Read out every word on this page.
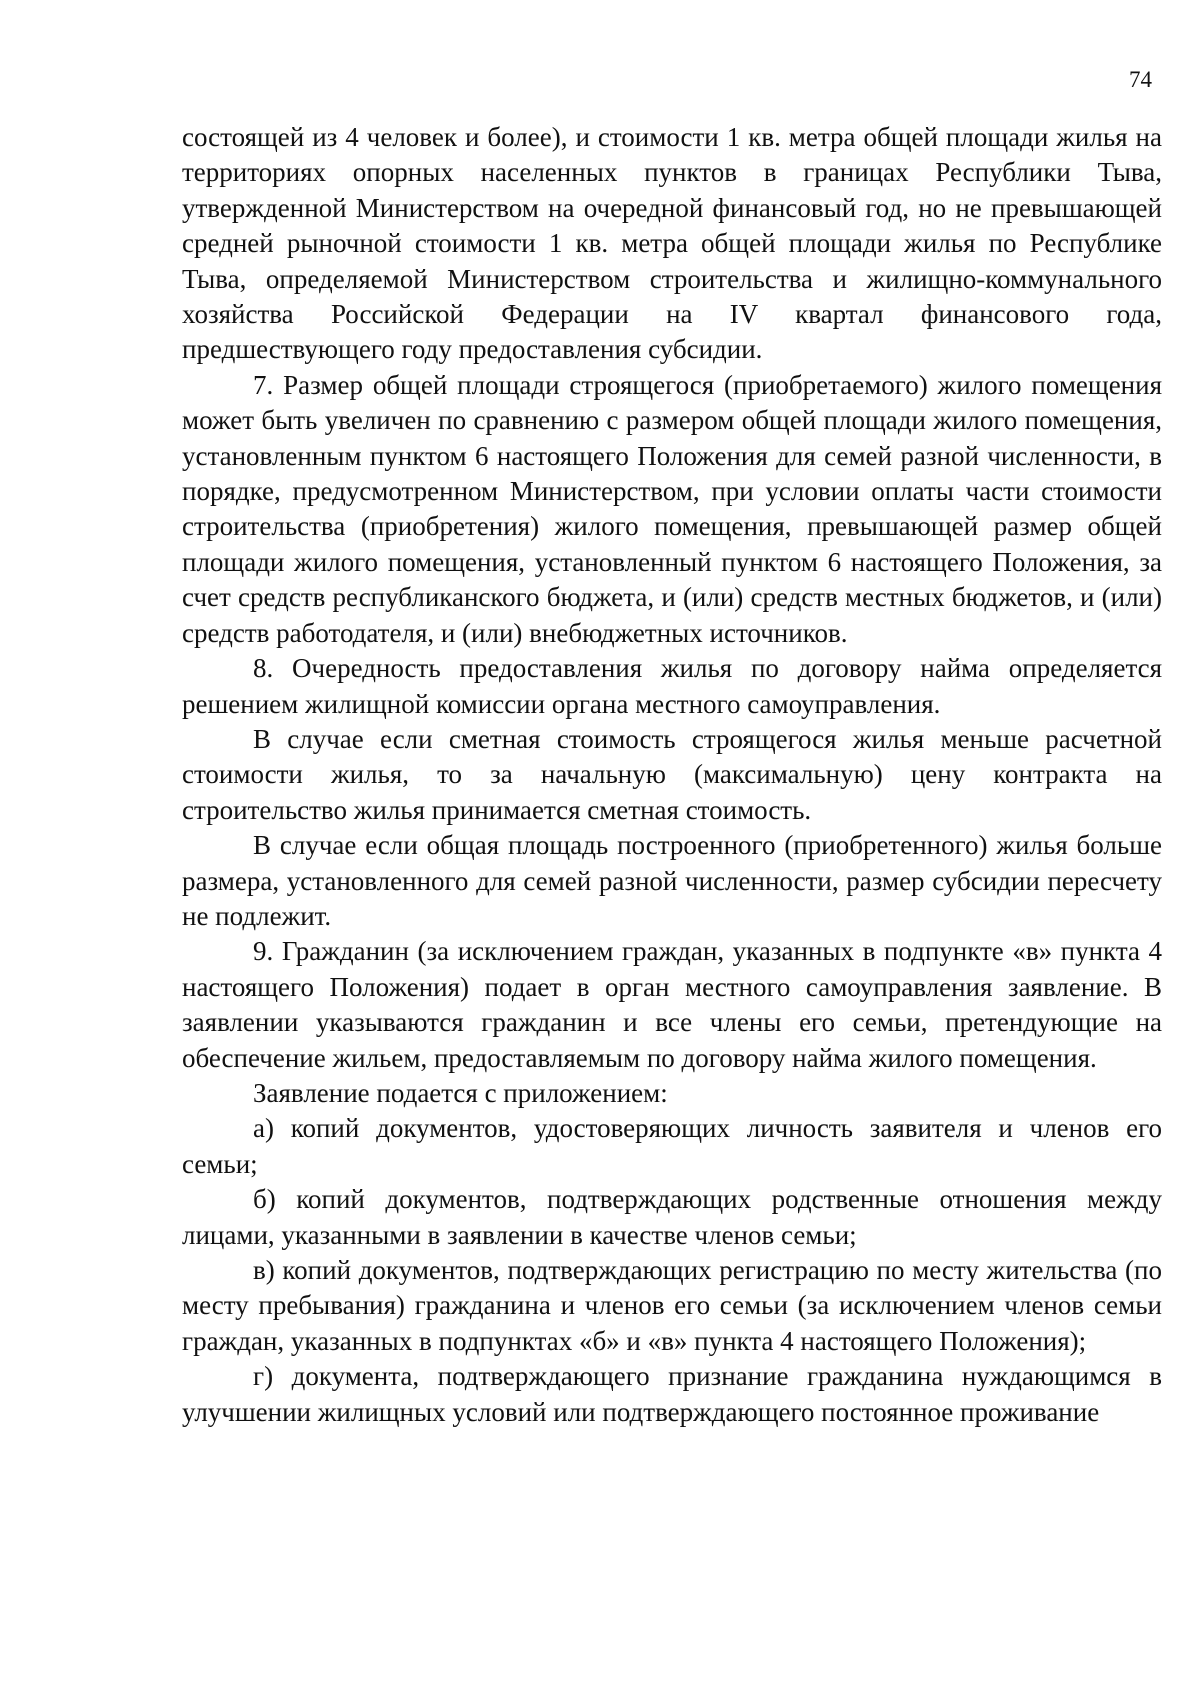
74

состоящей из 4 человек и более), и стоимости 1 кв. метра общей площади жилья на территориях опорных населенных пунктов в границах Республики Тыва, утвержденной Министерством на очередной финансовый год, но не превышающей средней рыночной стоимости 1 кв. метра общей площади жилья по Республике Тыва, определяемой Министерством строительства и жилищно-коммунального хозяйства Российской Федерации на IV квартал финансового года, предшествующего году предоставления субсидии.

7. Размер общей площади строящегося (приобретаемого) жилого помещения может быть увеличен по сравнению с размером общей площади жилого помещения, установленным пунктом 6 настоящего Положения для семей разной численности, в порядке, предусмотренном Министерством, при условии оплаты части стоимости строительства (приобретения) жилого помещения, превышающей размер общей площади жилого помещения, установленный пунктом 6 настоящего Положения, за счет средств республиканского бюджета, и (или) средств местных бюджетов, и (или) средств работодателя, и (или) внебюджетных источников.

8. Очередность предоставления жилья по договору найма определяется решением жилищной комиссии органа местного самоуправления.

В случае если сметная стоимость строящегося жилья меньше расчетной стоимости жилья, то за начальную (максимальную) цену контракта на строительство жилья принимается сметная стоимость.

В случае если общая площадь построенного (приобретенного) жилья больше размера, установленного для семей разной численности, размер субсидии пересчету не подлежит.

9. Гражданин (за исключением граждан, указанных в подпункте «в» пункта 4 настоящего Положения) подает в орган местного самоуправления заявление. В заявлении указываются гражданин и все члены его семьи, претендующие на обеспечение жильем, предоставляемым по договору найма жилого помещения.

Заявление подается с приложением:

а) копий документов, удостоверяющих личность заявителя и членов его семьи;

б) копий документов, подтверждающих родственные отношения между лицами, указанными в заявлении в качестве членов семьи;

в) копий документов, подтверждающих регистрацию по месту жительства (по месту пребывания) гражданина и членов его семьи (за исключением членов семьи граждан, указанных в подпунктах «б» и «в» пункта 4 настоящего Положения);

г) документа, подтверждающего признание гражданина нуждающимся в улучшении жилищных условий или подтверждающего постоянное проживание
